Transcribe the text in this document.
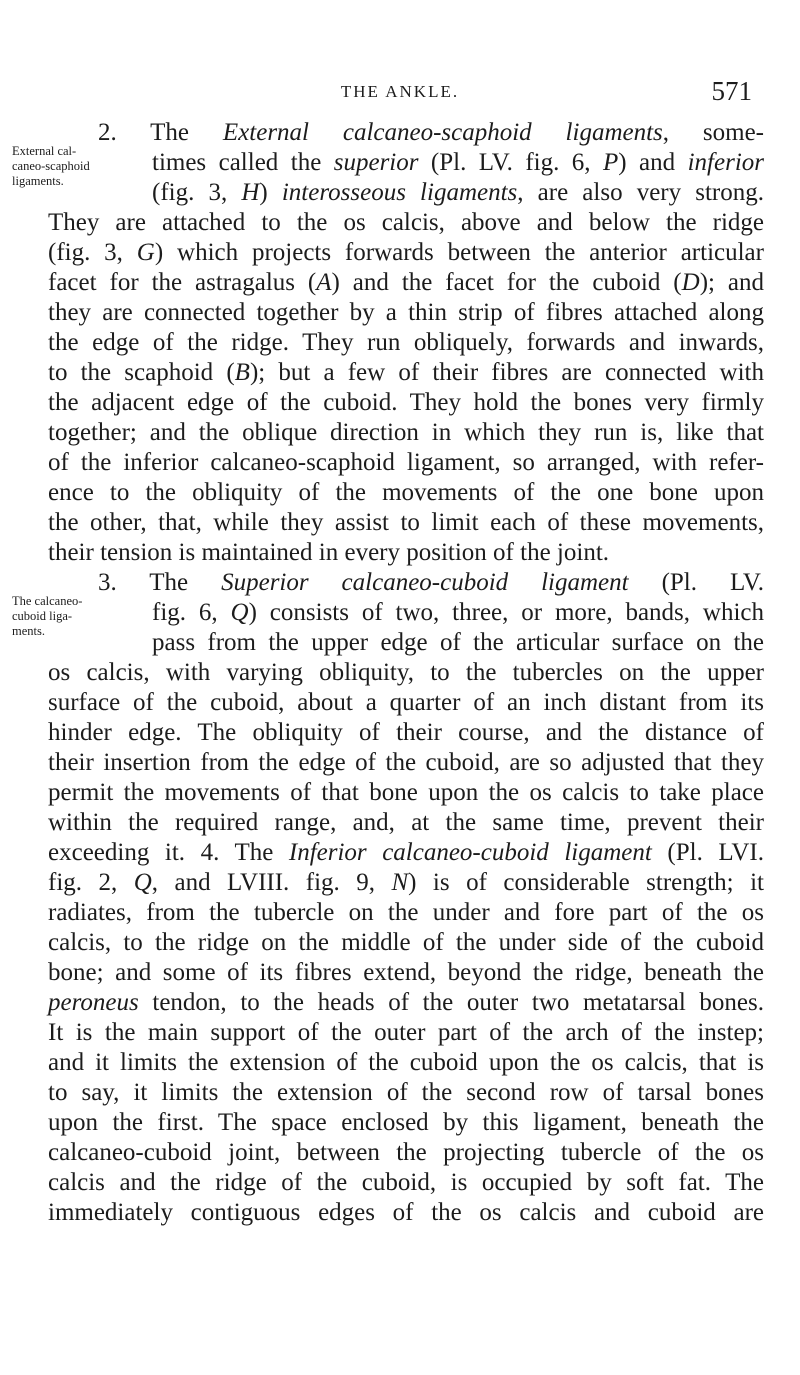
THE ANKLE.	571
External cal-
caneo-scaphoid
ligaments.
The calcaneo-
cuboid liga-
ments.
2. The External calcaneo-scaphoid ligaments, some-
times called the superior (Pl. LV. fig. 6, P) and inferior
(fig. 3, H) interosseous ligaments, are also very strong.
They are attached to the os calcis, above and below the ridge
(fig. 3, G) which projects forwards between the anterior articular
facet for the astragalus (A) and the facet for the cuboid (D); and
they are connected together by a thin strip of fibres attached along
the edge of the ridge. They run obliquely, forwards and inwards,
to the scaphoid (B); but a few of their fibres are connected with
the adjacent edge of the cuboid. They hold the bones very firmly
together; and the oblique direction in which they run is, like that
of the inferior calcaneo-scaphoid ligament, so arranged, with refer-
ence to the obliquity of the movements of the one bone upon
the other, that, while they assist to limit each of these movements,
their tension is maintained in every position of the joint.
3. The Superior calcaneo-cuboid ligament (Pl. LV.
fig. 6, Q) consists of two, three, or more, bands, which
pass from the upper edge of the articular surface on the
os calcis, with varying obliquity, to the tubercles on the upper
surface of the cuboid, about a quarter of an inch distant from its
hinder edge. The obliquity of their course, and the distance of
their insertion from the edge of the cuboid, are so adjusted that they
permit the movements of that bone upon the os calcis to take place
within the required range, and, at the same time, prevent their
exceeding it. 4. The Inferior calcaneo-cuboid ligament (Pl. LVI.
fig. 2, Q, and LVIII. fig. 9, N) is of considerable strength; it
radiates, from the tubercle on the under and fore part of the os
calcis, to the ridge on the middle of the under side of the cuboid
bone; and some of its fibres extend, beyond the ridge, beneath the
peroneus tendon, to the heads of the outer two metatarsal bones.
It is the main support of the outer part of the arch of the instep;
and it limits the extension of the cuboid upon the os calcis, that is
to say, it limits the extension of the second row of tarsal bones
upon the first. The space enclosed by this ligament, beneath the
calcaneo-cuboid joint, between the projecting tubercle of the os
calcis and the ridge of the cuboid, is occupied by soft fat. The
immediately contiguous edges of the os calcis and cuboid are
